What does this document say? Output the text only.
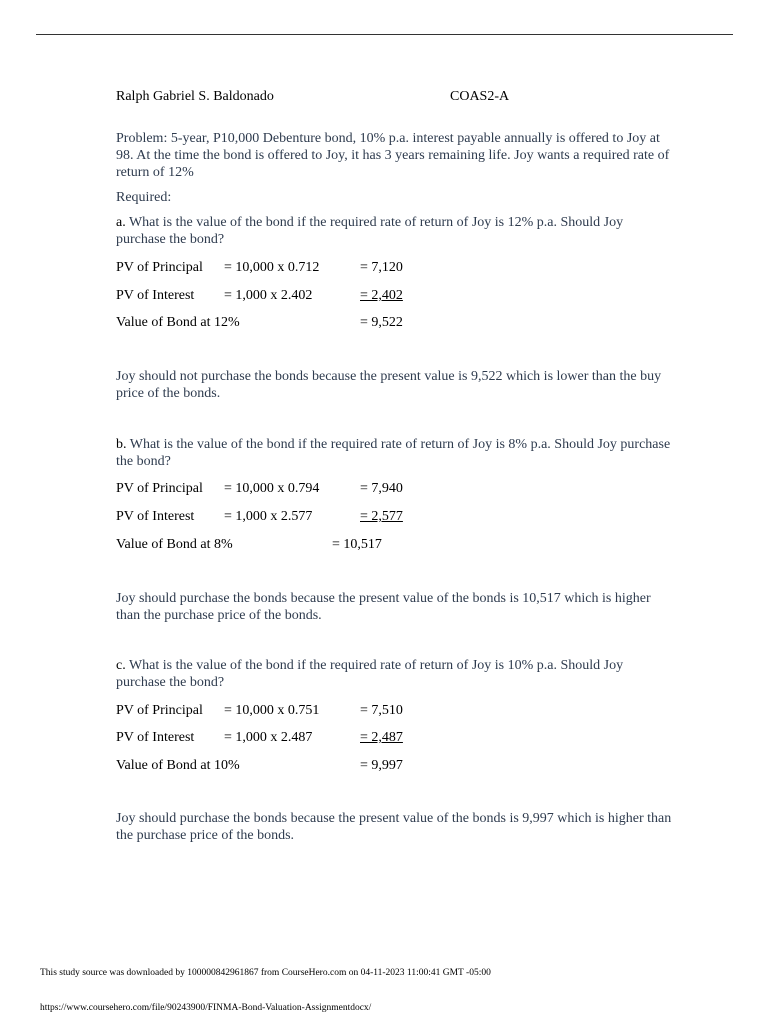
Ralph Gabriel S. Baldonado	COAS2-A
Problem: 5-year, P10,000 Debenture bond, 10% p.a. interest payable annually is offered to Joy at 98. At the time the bond is offered to Joy, it has 3 years remaining life. Joy wants a required rate of return of 12%
Required:
a. What is the value of the bond if the required rate of return of Joy is 12% p.a. Should Joy purchase the bond?
PV of Principal = 10,000 x 0.712	= 7,120
PV of Interest = 1,000 x 2.402	= 2,402
Value of Bond at 12%	= 9,522
Joy should not purchase the bonds because the present value is 9,522 which is lower than the buy price of the bonds.
b. What is the value of the bond if the required rate of return of Joy is 8% p.a. Should Joy purchase the bond?
PV of Principal = 10,000 x 0.794	= 7,940
PV of Interest = 1,000 x 2.577	= 2,577
Value of Bond at 8%	= 10,517
Joy should purchase the bonds because the present value of the bonds is 10,517 which is higher than the purchase price of the bonds.
c. What is the value of the bond if the required rate of return of Joy is 10% p.a. Should Joy purchase the bond?
PV of Principal = 10,000 x 0.751	= 7,510
PV of Interest = 1,000 x 2.487	= 2,487
Value of Bond at 10%	= 9,997
Joy should purchase the bonds because the present value of the bonds is 9,997 which is higher than the purchase price of the bonds.
This study source was downloaded by 100000842961867 from CourseHero.com on 04-11-2023 11:00:41 GMT -05:00
https://www.coursehero.com/file/90243900/FINMA-Bond-Valuation-Assignmentdocx/
